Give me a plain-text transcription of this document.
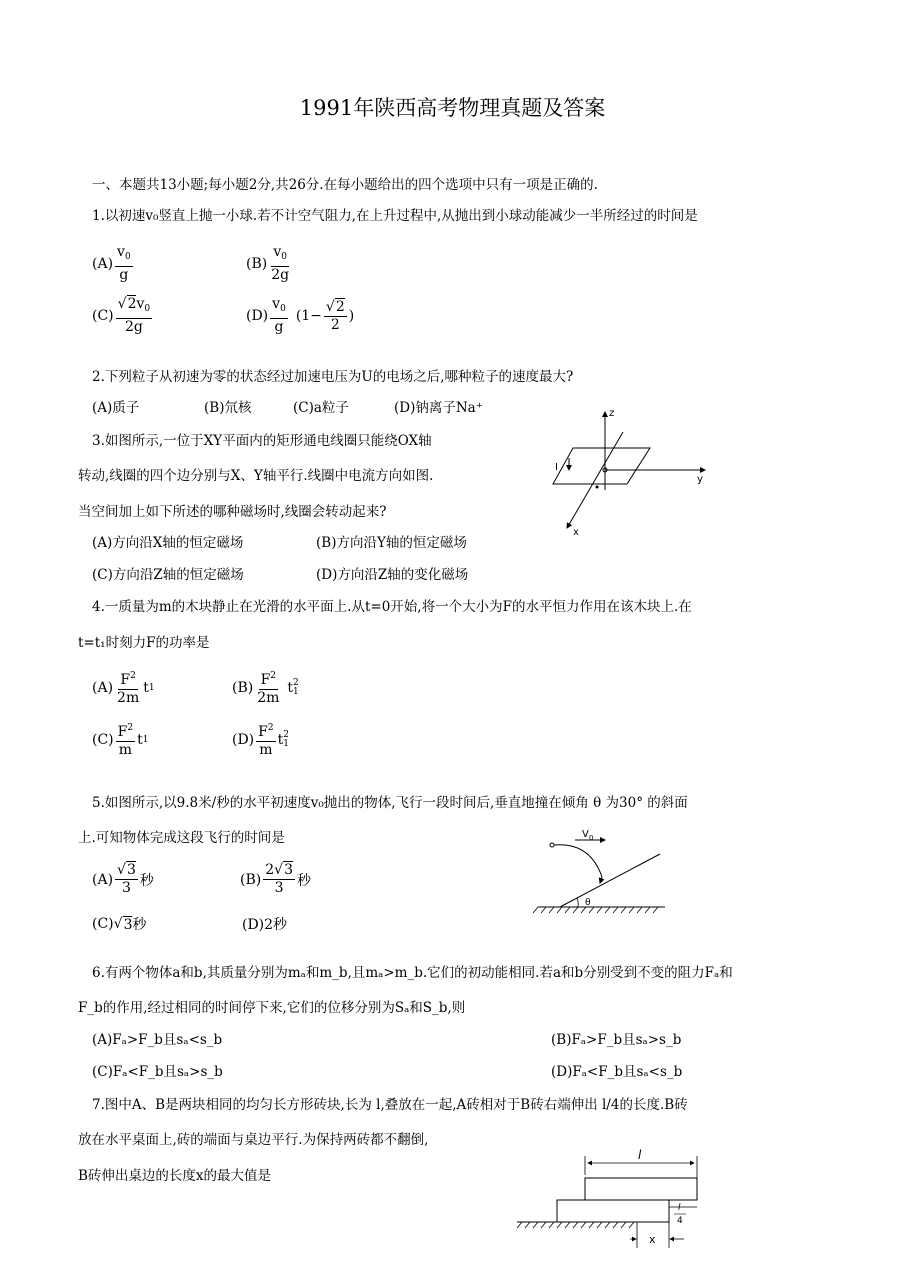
1991年陕西高考物理真题及答案
一、本题共13小题;每小题2分,共26分.在每小题给出的四个选项中只有一项是正确的.
1.以初速v₀竖直上抛一小球.若不计空气阻力,在上升过程中,从抛出到小球动能减少一半所经过的时间是
$(A) \frac{v_0}{g}$	$(B) \frac{v_0}{2g}$
$(C) \frac{√2v_0}{2g}$	$(D) \frac{v_0}{g} (1- \frac{√2}{2}$ )
2.下列粒子从初速为零的状态经过加速电压为U的电场之后,哪种粒子的速度最大?
(A)质子	(B)氘核	(C)a粒子	(D)钠离子Na⁺
3.如图所示,一位于XY平面内的矩形通电线圈只能绕OX轴
转动,线圈的四个边分别与X、Y轴平行.线圈中电流方向如图.
当空间加上如下所述的哪种磁场时,线圈会转动起来?
(A)方向沿X轴的恒定磁场	(B)方向沿Y轴的恒定磁场
(C)方向沿Z轴的恒定磁场	(D)方向沿Z轴的变化磁场
z
y
x
I
4.一质量为m的木块静止在光滑的水平面上.从t=0开始,将一个大小为F的水平恒力作用在该木块上.在
t=t₁时刻力F的功率是
$(A) \frac{F^2}{2m}$ t 1	$(B) \frac{F^2}{2m}$ t 2
1
$(C) \frac{F^2}{m}$ t 1	$(D) \frac{F^2}{m}$ t 2
1
5.如图所示,以9.8米/秒的水平初速度v₀抛出的物体,飞行一段时间后,垂直地撞在倾角 θ 为30° 的斜面
上.可知物体完成这段飞行的时间是
$(A) \frac{√3}{3}$ 秒	$(B) \frac{2√3}{3}$ 秒
(C) √ 3 秒	(D)2秒
V 0
θ
6.有两个物体a和b,其质量分别为mₐ和m_b,且mₐ>m_b.它们的初动能相同.若a和b分别受到不变的阻力Fₐ和
F_b的作用,经过相同的时间停下来,它们的位移分别为Sₐ和S_b,则
(A)Fₐ>F_b且sₐ<s_b	(B)Fₐ>F_b且sₐ>s_b
(C)Fₐ<F_b且sₐ>s_b	(D)Fₐ<F_b且sₐ<s_b
7.图中A、B是两块相同的均匀长方形砖块,长为 l,叠放在一起,A砖相对于B砖右端伸出 l/4的长度.B砖
放在水平桌面上,砖的端面与桌边平行.为保持两砖都不翻倒,
B砖伸出桌边的长度x的最大值是
l
l
4
x
